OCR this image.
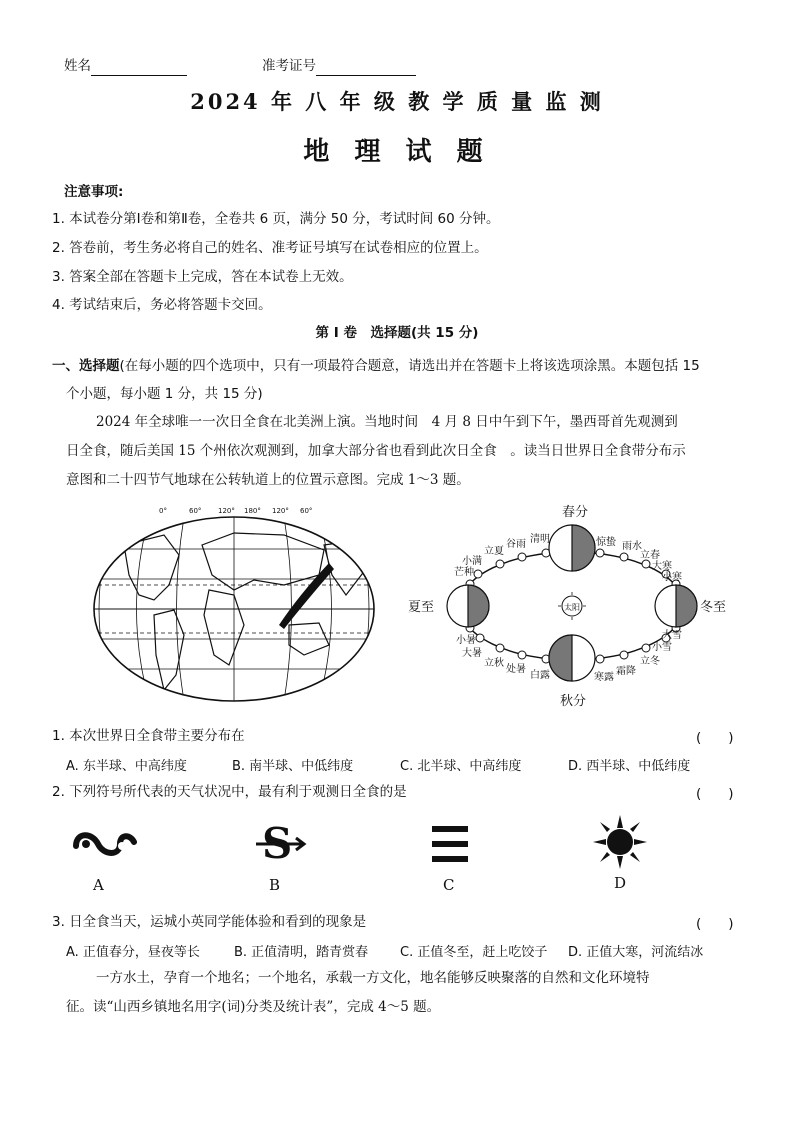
姓名	准考证号
2024 年 八 年 级 教 学 质 量 监 测
地 理 试 题
注意事项:
1. 本试卷分第Ⅰ卷和第Ⅱ卷，全卷共 6 页，满分 50 分，考试时间 60 分钟。
2. 答卷前，考生务必将自己的姓名、准考证号填写在试卷相应的位置上。
3. 答案全部在答题卡上完成，答在本试卷上无效。
4. 考试结束后，务必将答题卡交回。
第 Ⅰ 卷　选择题(共 15 分)
一、选择题(在每小题的四个选项中，只有一项最符合题意，请选出并在答题卡上将该选项涂黑。本题包括 15
个小题，每小题 1 分，共 15 分)
2024 年全球唯一一次日全食在北美洲上演。当地时间　4 月 8 日中午到下午，墨西哥首先观测到
日全食，随后美国 15 个州依次观测到，加拿大部分省也看到此次日全食　。读当日世界日全食带分布示
意图和二十四节气地球在公转轨道上的位置示意图。完成 1～3 题。
0°	60° 120° 180° 120° 60°
太阳
春分
夏至
秋分
冬至
清明
谷雨
立夏
小满
芒种
惊蛰 雨水
立春
大寒
小寒
小暑
大暑
立秋
处暑
白露
大雪
小雪
立冬
霜降
寒露
1. 本次世界日全食带主要分布在	(　　)
A. 东半球、中高纬度	B. 南半球、中低纬度	C. 北半球、中高纬度	D. 西半球、中低纬度
2. 下列符号所代表的天气状况中，最有利于观测日全食的是	(　　)
A
S
B	C	D
3. 日全食当天，运城小英同学能体验和看到的现象是	(　　)
A. 正值春分，昼夜等长	B. 正值清明，踏青赏春 C. 正值冬至，赶上吃饺子 D. 正值大寒，河流结冰
一方水土，孕育一个地名；一个地名，承载一方文化，地名能够反映聚落的自然和文化环境特
征。读“山西乡镇地名用字(词)分类及统计表”，完成 4～5 题。
